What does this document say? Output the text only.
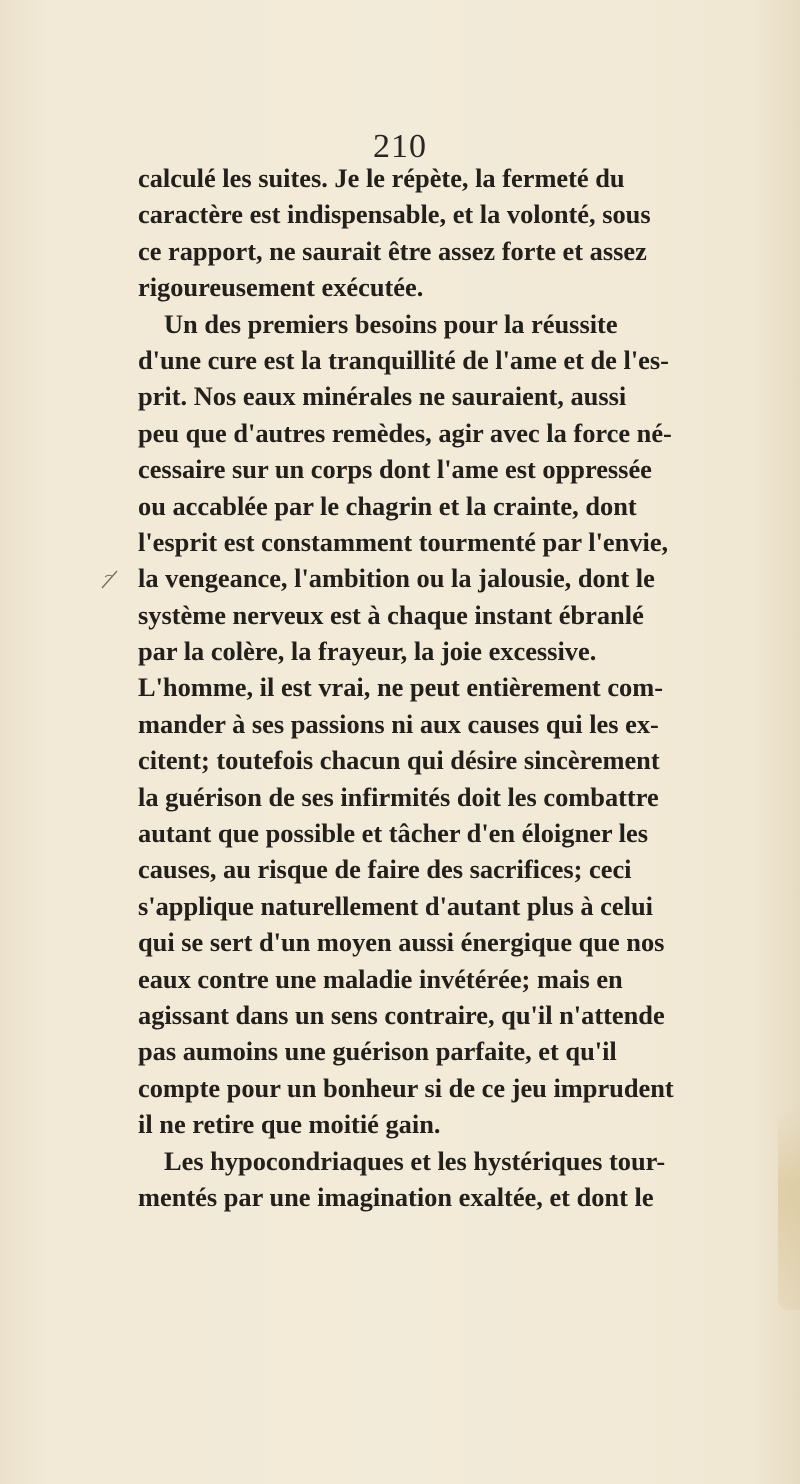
210
calculé les suites. Je le répète, la fermeté du
caractère est indispensable, et la volonté, sous
ce rapport, ne saurait être assez forte et assez
rigoureusement exécutée.
Un des premiers besoins pour la réussite
d'une cure est la tranquillité de l'ame et de l'es-
prit. Nos eaux minérales ne sauraient, aussi
peu que d'autres remèdes, agir avec la force né-
cessaire sur un corps dont l'ame est oppressée
ou accablée par le chagrin et la crainte, dont
l'esprit est constamment tourmenté par l'envie,
la vengeance, l'ambition ou la jalousie, dont le
système nerveux est à chaque instant ébranlé
par la colère, la frayeur, la joie excessive.
L'homme, il est vrai, ne peut entièrement com-
mander à ses passions ni aux causes qui les ex-
citent; toutefois chacun qui désire sincèrement
la guérison de ses infirmités doit les combattre
autant que possible et tâcher d'en éloigner les
causes, au risque de faire des sacrifices; ceci
s'applique naturellement d'autant plus à celui
qui se sert d'un moyen aussi énergique que nos
eaux contre une maladie invétérée; mais en
agissant dans un sens contraire, qu'il n'attende
pas aumoins une guérison parfaite, et qu'il
compte pour un bonheur si de ce jeu imprudent
il ne retire que moitié gain.
Les hypocondriaques et les hystériques tour-
mentés par une imagination exaltée, et dont le
